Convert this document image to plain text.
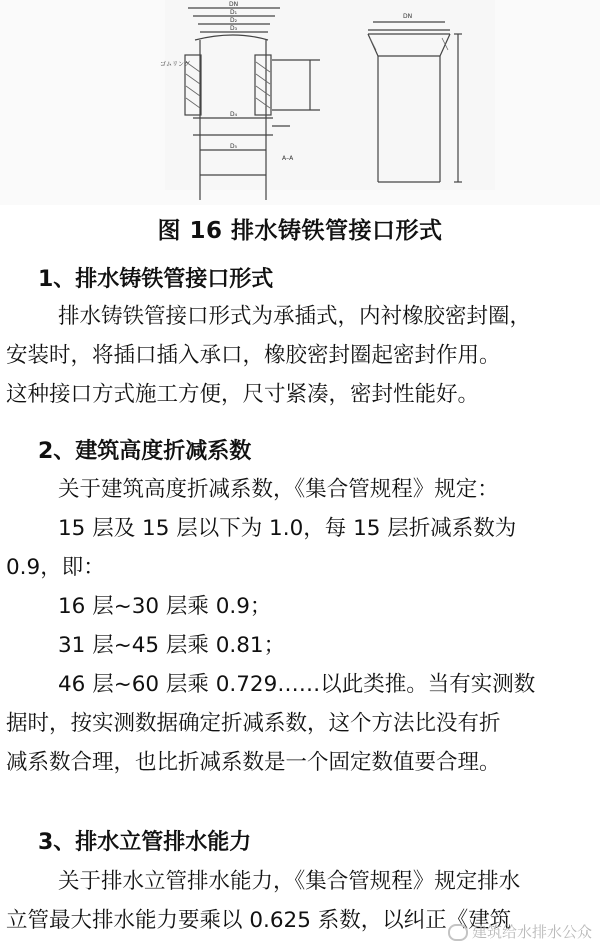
DN
D₁
D₂
D₃
ゴムリング
D₄
D₅
A–A
DN
图 16 排水铸铁管接口形式
1、排水铸铁管接口形式
排水铸铁管接口形式为承插式，内衬橡胶密封圈，
安装时，将插口插入承口，橡胶密封圈起密封作用。
这种接口方式施工方便，尺寸紧凑，密封性能好。
2、建筑高度折减系数
关于建筑高度折减系数，《集合管规程》规定：
15 层及 15 层以下为 1.0，每 15 层折减系数为
0.9，即：
16 层~30 层乘 0.9；
31 层~45 层乘 0.81；
46 层~60 层乘 0.729……以此类推。当有实测数
据时，按实测数据确定折减系数，这个方法比没有折
减系数合理，也比折减系数是一个固定数值要合理。
3、排水立管排水能力
关于排水立管排水能力，《集合管规程》规定排水
立管最大排水能力要乘以 0.625 系数，以纠正《建筑
建筑给水排水公众
